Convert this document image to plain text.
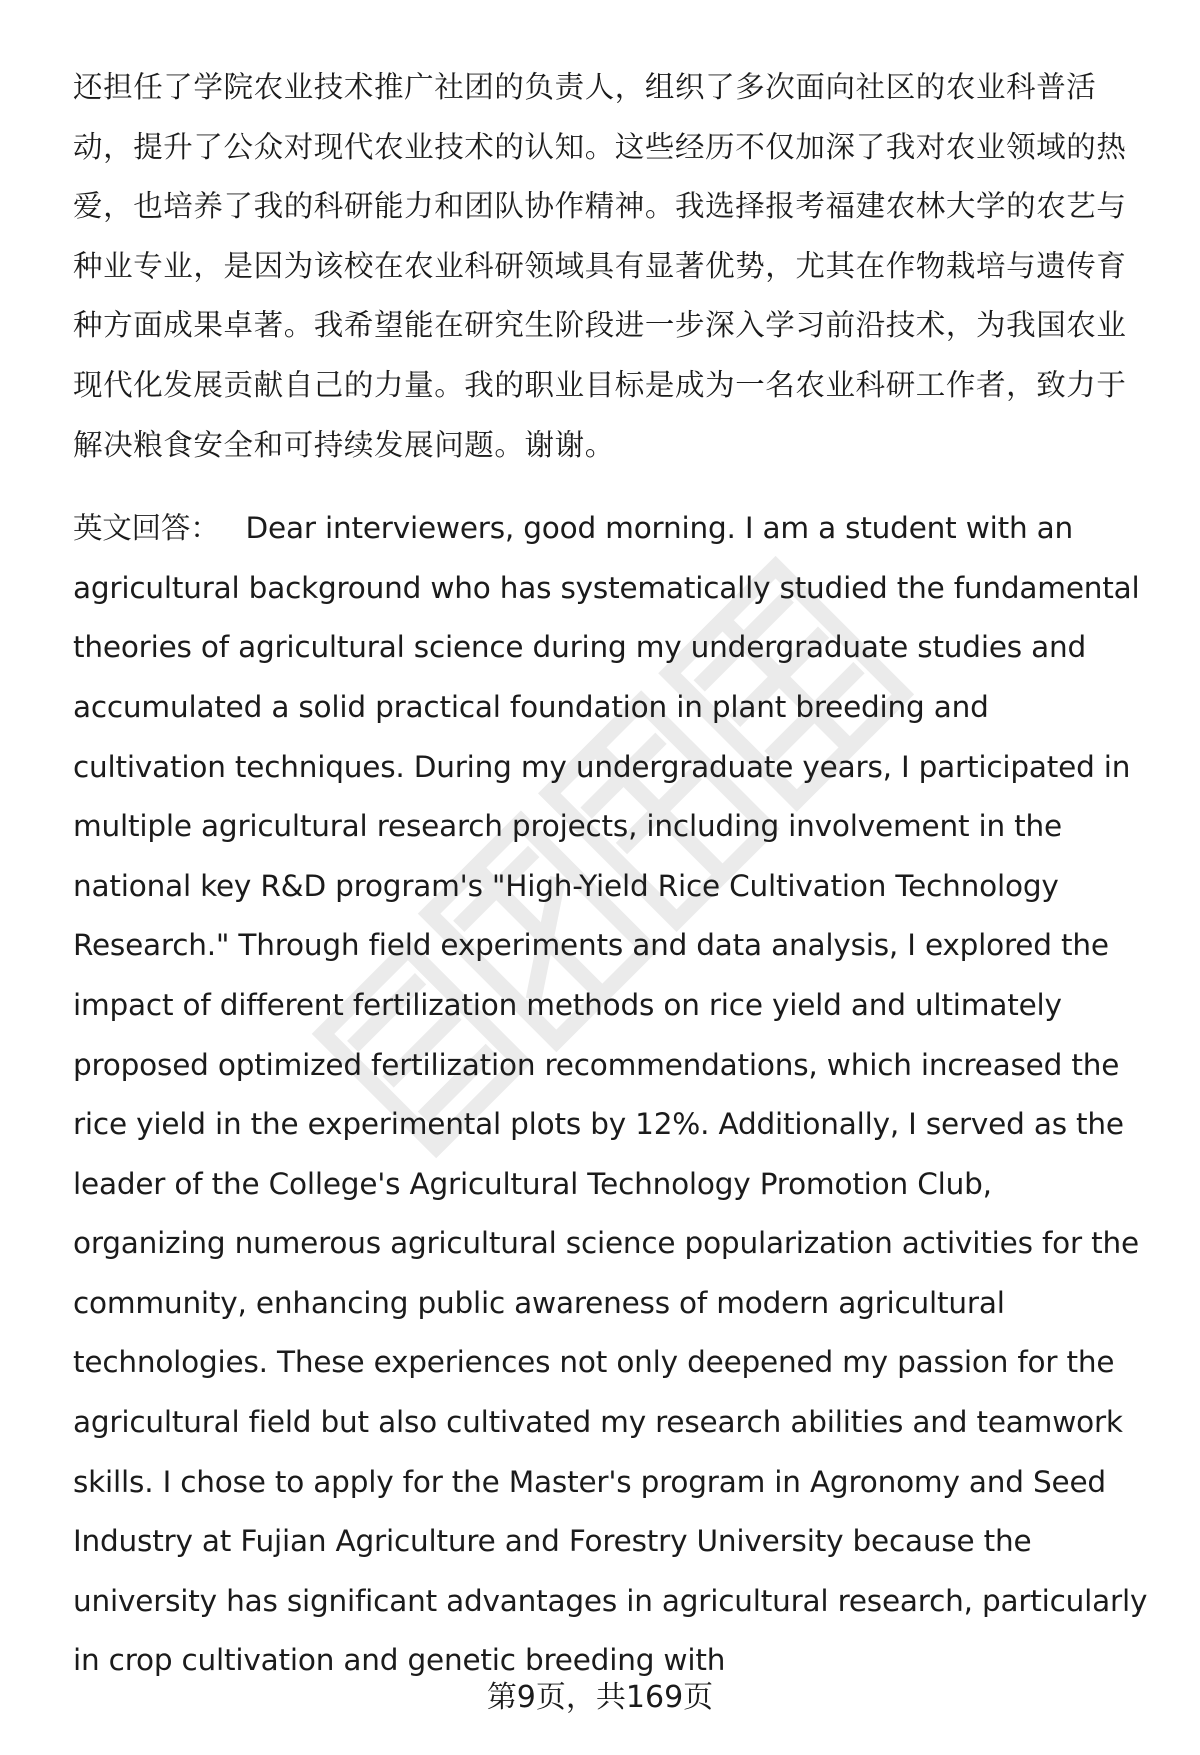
还担任了学院农业技术推广社团的负责人，组织了多次面向社区的农业科普活动，提升了公众对现代农业技术的认知。这些经历不仅加深了我对农业领域的热爱，也培养了我的科研能力和团队协作精神。我选择报考福建农林大学的农艺与种业专业，是因为该校在农业科研领域具有显著优势，尤其在作物栽培与遗传育种方面成果卓著。我希望能在研究生阶段进一步深入学习前沿技术，为我国农业现代化发展贡献自己的力量。我的职业目标是成为一名农业科研工作者，致力于解决粮食安全和可持续发展问题。谢谢。

英文回答： Dear interviewers, good morning. I am a student with an agricultural background who has systematically studied the fundamental theories of agricultural science during my undergraduate studies and accumulated a solid practical foundation in plant breeding and cultivation techniques. During my undergraduate years, I participated in multiple agricultural research projects, including involvement in the national key R&D program's "High-Yield Rice Cultivation Technology Research." Through field experiments and data analysis, I explored the impact of different fertilization methods on rice yield and ultimately proposed optimized fertilization recommendations, which increased the rice yield in the experimental plots by 12%. Additionally, I served as the leader of the College's Agricultural Technology Promotion Club, organizing numerous agricultural science popularization activities for the community, enhancing public awareness of modern agricultural technologies. These experiences not only deepened my passion for the agricultural field but also cultivated my research abilities and teamwork skills. I chose to apply for the Master's program in Agronomy and Seed Industry at Fujian Agriculture and Forestry University because the university has significant advantages in agricultural research, particularly in crop cultivation and genetic breeding with

第9页，共169页
